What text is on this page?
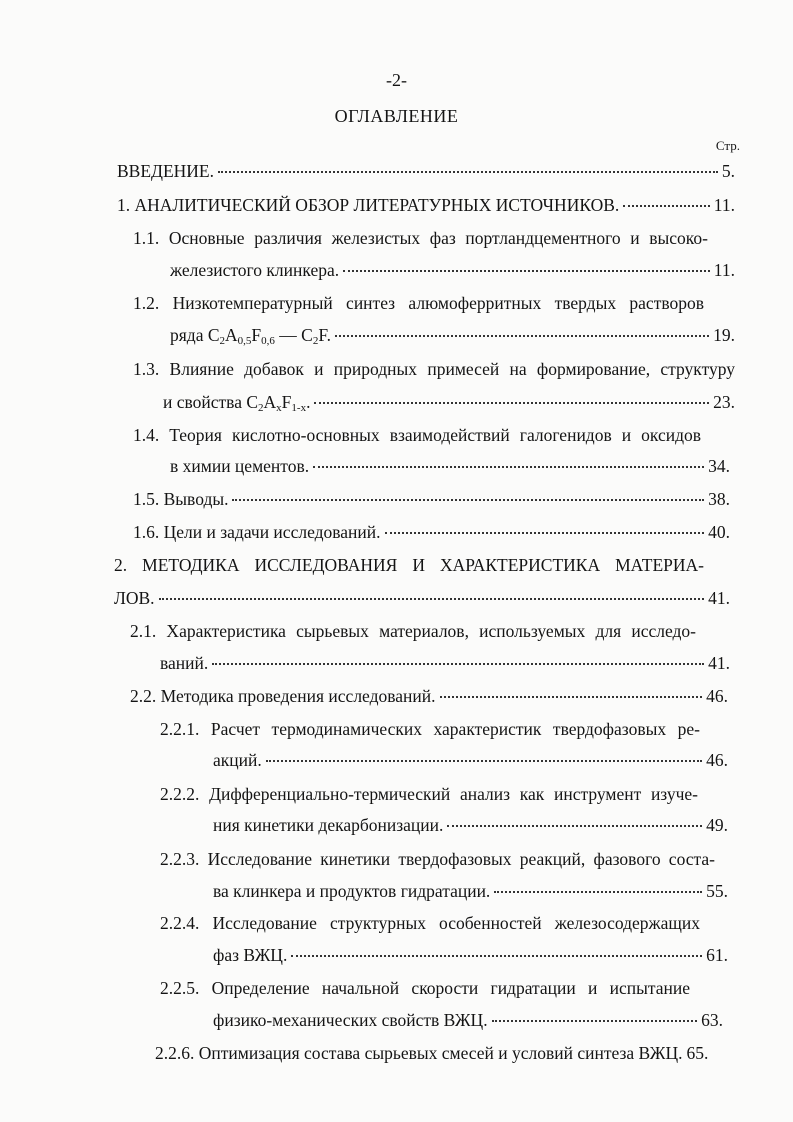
-2-
ОГЛАВЛЕНИЕ
Стр.
ВВЕДЕНИЕ.	5.
1. АНАЛИТИЧЕСКИЙ ОБЗОР ЛИТЕРАТУРНЫХ ИСТОЧНИКОВ.	11.
1.1. Основные различия железистых фаз портландцементного и высоко-
железистого клинкера.	11.
1.2. Низкотемпературный синтез алюмоферритных твердых растворов
ряда $C_2A_{0,5}F_{0,6}$ — $C_2F$.	19.
1.3. Влияние добавок и природных примесей на формирование, структуру
и свойства $C_2A_xF_{1-x}$.	23.
1.4. Теория кислотно-основных взаимодействий галогенидов и оксидов
в химии цементов.	34.
1.5. Выводы.	38.
1.6. Цели и задачи исследований.	40.
2. МЕТОДИКА ИССЛЕДОВАНИЯ И ХАРАКТЕРИСТИКА МАТЕРИА-
ЛОВ.	41.
2.1. Характеристика сырьевых материалов, используемых для исследо-
ваний.	41.
2.2. Методика проведения исследований.	46.
2.2.1. Расчет термодинамических характеристик твердофазовых ре-
акций.	46.
2.2.2. Дифференциально-термический анализ как инструмент изуче-
ния кинетики декарбонизации.	49.
2.2.3. Исследование кинетики твердофазовых реакций, фазового соста-
ва клинкера и продуктов гидратации.	55.
2.2.4. Исследование структурных особенностей железосодержащих
фаз ВЖЦ.	61.
2.2.5. Определение начальной скорости гидратации и испытание
физико-механических свойств ВЖЦ.	63.
2.2.6. Оптимизация состава сырьевых смесей и условий синтеза ВЖЦ. 65.
